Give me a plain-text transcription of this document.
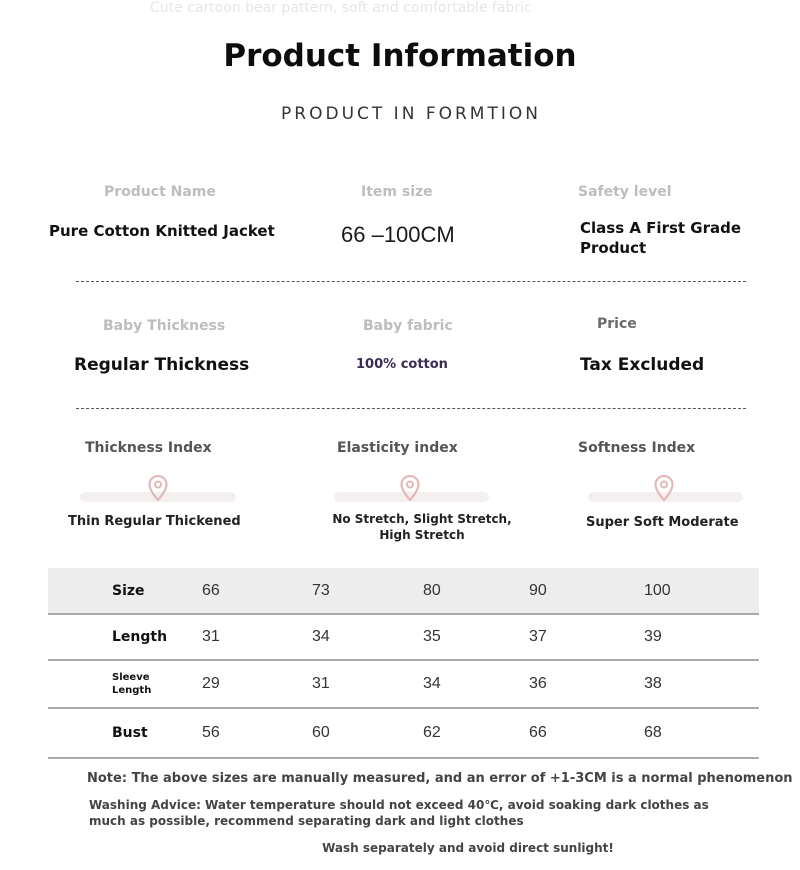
Cute cartoon bear pattern, soft and comfortable fabric
Product Information
PRODUCT IN FORMTION
Product Name
Pure Cotton Knitted Jacket
Item size
66 –100CM
Safety level
Class A First Grade Product
Baby Thickness
Regular Thickness
Baby fabric
100% cotton
Price
Tax Excluded
Thickness Index
Thin Regular Thickened
Elasticity index
No Stretch, Slight Stretch,
High Stretch
Softness Index
Super Soft Moderate
Size	66	73	80	90	100
Length	31	34	35	37	39
Sleeve
Length	29	31	34	36	38
Bust	56	60	62	66	68
Note: The above sizes are manually measured, and an error of +1-3CM is a normal phenomenon
Washing Advice: Water temperature should not exceed 40℃, avoid soaking dark clothes as much as possible, recommend separating dark and light clothes
Wash separately and avoid direct sunlight!
